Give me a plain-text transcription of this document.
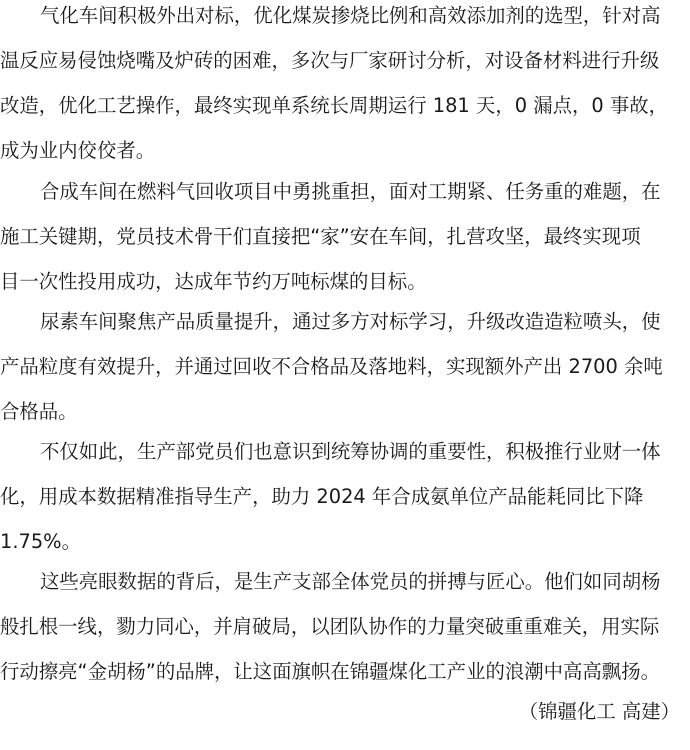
气化车间积极外出对标，优化煤炭掺烧比例和高效添加剂的选型，针对高
温反应易侵蚀烧嘴及炉砖的困难，多次与厂家研讨分析，对设备材料进行升级
改造，优化工艺操作，最终实现单系统长周期运行 181 天，0 漏点，0 事故，
成为业内佼佼者。
合成车间在燃料气回收项目中勇挑重担，面对工期紧、任务重的难题，在
施工关键期，党员技术骨干们直接把“家”安在车间，扎营攻坚，最终实现项
目一次性投用成功，达成年节约万吨标煤的目标。
尿素车间聚焦产品质量提升，通过多方对标学习，升级改造造粒喷头，使
产品粒度有效提升，并通过回收不合格品及落地料，实现额外产出 2700 余吨
合格品。
不仅如此，生产部党员们也意识到统筹协调的重要性，积极推行业财一体
化，用成本数据精准指导生产，助力 2024 年合成氨单位产品能耗同比下降
1.75%。
这些亮眼数据的背后，是生产支部全体党员的拼搏与匠心。他们如同胡杨
般扎根一线，勠力同心，并肩破局，以团队协作的力量突破重重难关，用实际
行动擦亮“金胡杨”的品牌，让这面旗帜在锦疆煤化工产业的浪潮中高高飘扬。
（锦疆化工 高建）
